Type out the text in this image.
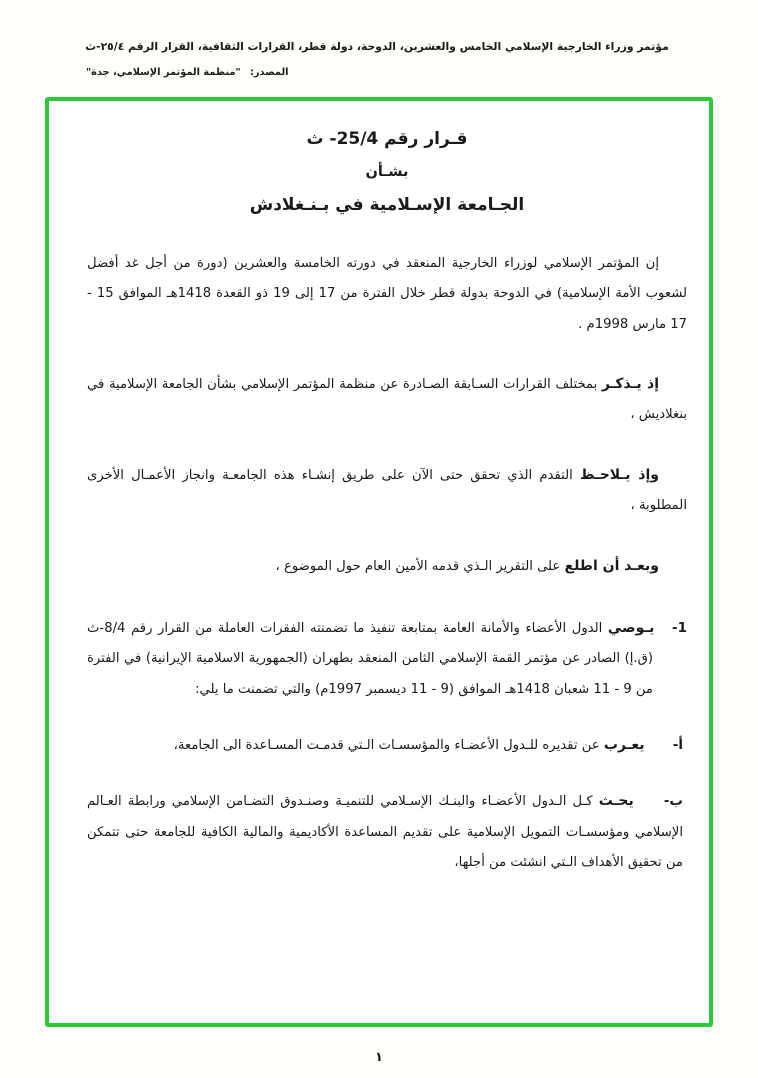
مؤتمر وزراء الخارجية الإسلامي الخامس والعشرين، الدوحة، دولة قطر، القرارات الثقافية، القرار الرقم ٢٥/٤-ث
المصدر: "منظمة المؤتمر الإسلامي، جدة"
قـرار رقم 25/4- ث
بشـأن
الجـامعة الإسـلامية في بـنـغلادش

إن المؤتمر الإسلامي لوزراء الخارجية المنعقد في دورته الخامسة والعشرين (دورة من أجل غد أفضل لشعوب الأمة الإسلامية) في الدوحة بدولة قطر خلال الفترة من 17 إلى 19 ذو القعدة 1418هـ الموافق 15 ‏- 17 مارس 1998م .

إذ يـذكـر بمختلف القرارات السـابقة الصـادرة عن منظمة المؤتمر الإسلامي بشأن الجامعة الإسلامية في بنغلاديش ،

وإذ يـلاحـظ التقدم الذي تحقق حتى الآن على طريق إنشـاء هذه الجامعـة وانجاز الأعمـال الأخرى المطلوبة ،

وبعـد أن اطلع على التقرير الـذي قدمه الأمين العام حول الموضوع ،

1- يـوصي الدول الأعضاء والأمانة العامة بمتابعة تنفيذ ما تضمنته الفقرات العاملة من القرار رقم 8/4-ث (ق.إ) الصادر عن مؤتمر القمة الإسلامي الثامن المنعقد بطهران (الجمهورية الاسلامية الإيرانية) في الفترة من 9 ‏- 11 شعبان 1418هـ الموافق (9 ‏- 11 ديسمبر 1997م) والتي تضمنت ما يلي:

أ- يعـرب عن تقديره للـدول الأعضـاء والمؤسسـات الـتي قدمـت المسـاعدة الى الجامعة،

ب- يحـث كـل الـدول الأعضـاء والبنـك الإسـلامي للتنميـة وصنـدوق التضـامن الإسلامي ورابطة العـالم الإسلامي ومؤسسـات التمويل الإسلامية على تقديم المساعدة الأكاديمية والمالية الكافية للجامعة حتى تتمكن من تحقيق الأهداف الـتي انشئت من أجلها،

١
